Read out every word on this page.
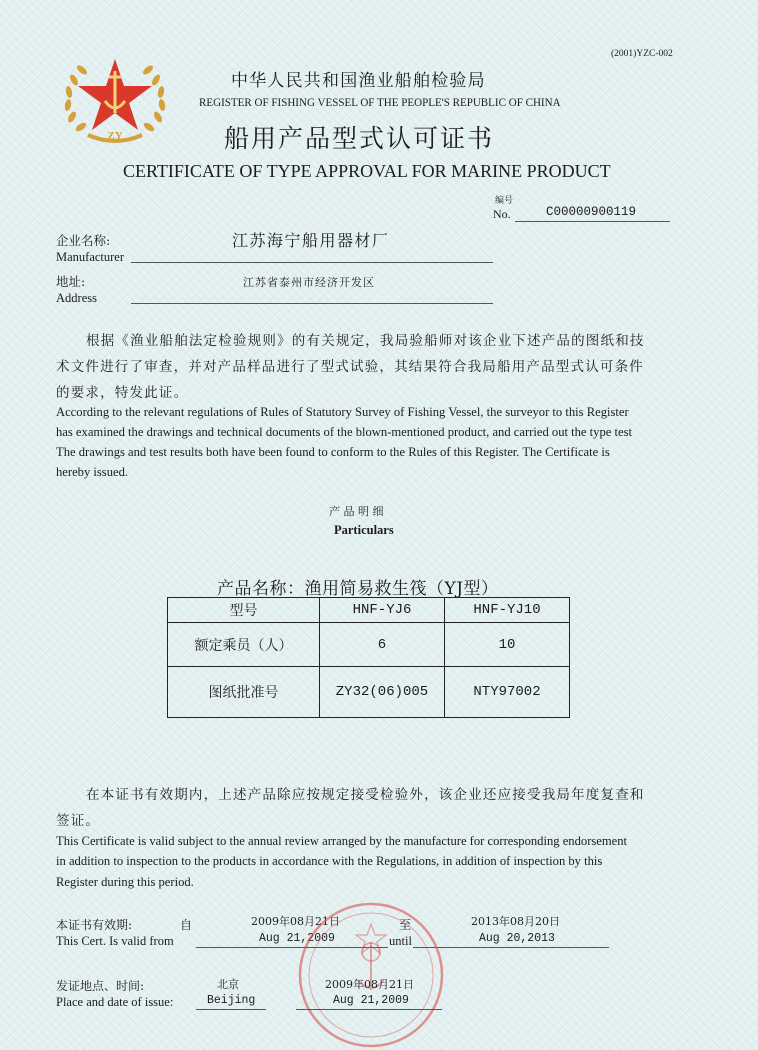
(2001)YZC-002
ZY
中华人民共和国渔业船舶检验局
REGISTER OF FISHING VESSEL OF THE PEOPLE'S REPUBLIC OF CHINA
船用产品型式认可证书
CERTIFICATE OF TYPE APPROVAL FOR MARINE PRODUCT
编号
No.	C00000900119
企业名称:
Manufacturer
江苏海宁船用器材厂
地址:
Address
江苏省泰州市经济开发区
根据《渔业船舶法定检验规则》的有关规定，我局验船师对该企业下述产品的图纸和技
术文件进行了审查，并对产品样品进行了型式试验，其结果符合我局船用产品型式认可条件
的要求，特发此证。
According to the relevant regulations of Rules of Statutory Survey of Fishing Vessel, the surveyor to this Register
has examined the drawings and technical documents of the blown-mentioned product, and carried out the type test
The drawings and test results both have been found to conform to the Rules of this Register. The Certificate is
hereby issued.
产 品 明 细
Particulars
产品名称：渔用简易救生筏（YJ型）
型号	HNF-YJ6	HNF-YJ10
额定乘员（人）	6	10
图纸批准号	ZY32(06)005	NTY97002
在本证书有效期内，上述产品除应按规定接受检验外，该企业还应接受我局年度复查和
签证。
This Certificate is valid subject to the annual review arranged by the manufacture for corresponding endorsement
in addition to inspection to the products in accordance with the Regulations, in addition of inspection by this
Register during this period.
本证书有效期:
This Cert. Is valid from
自	2009年08月21日
Aug 21,2009
至
until
2013年08月20日
Aug 20,2013
发证地点、时间:
Place and date of issue:
北京
Beijing
2009年08月21日
Aug 21,2009
